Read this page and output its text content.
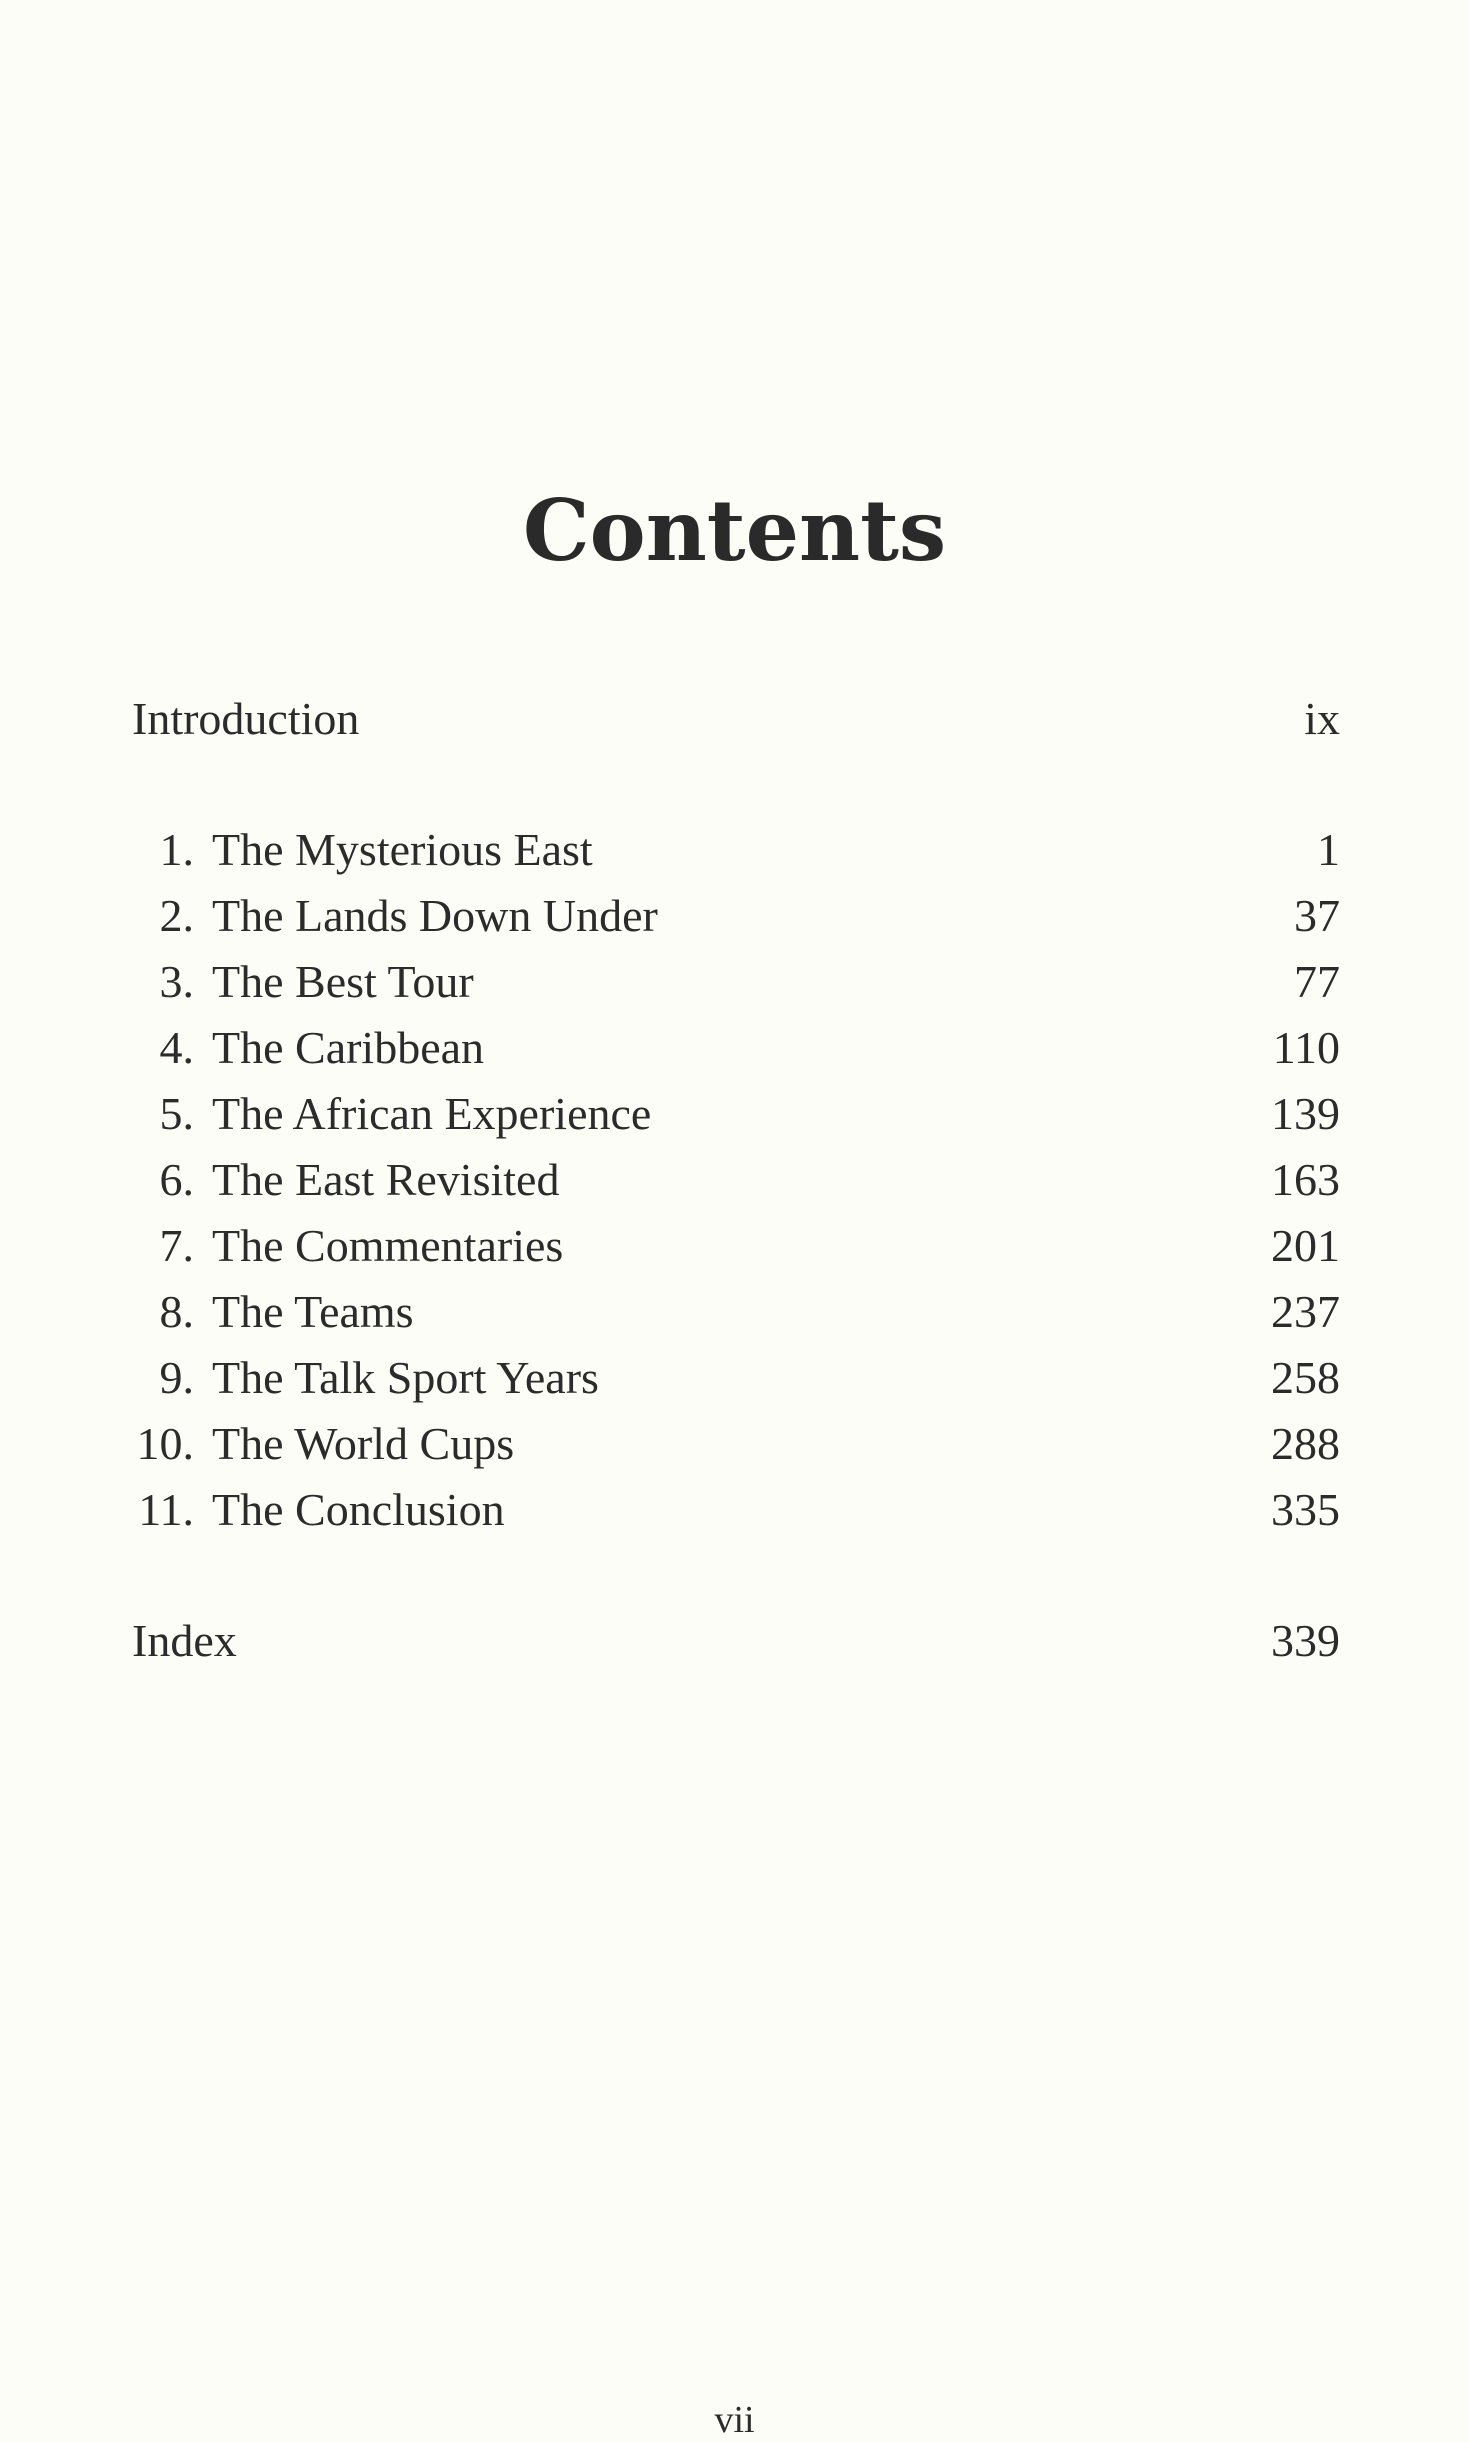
Contents
Introduction	ix
1. The Mysterious East	1
2. The Lands Down Under	37
3. The Best Tour	77
4. The Caribbean	110
5. The African Experience	139
6. The East Revisited	163
7. The Commentaries	201
8. The Teams	237
9. The Talk Sport Years	258
10. The World Cups	288
11. The Conclusion	335
Index	339
vii
